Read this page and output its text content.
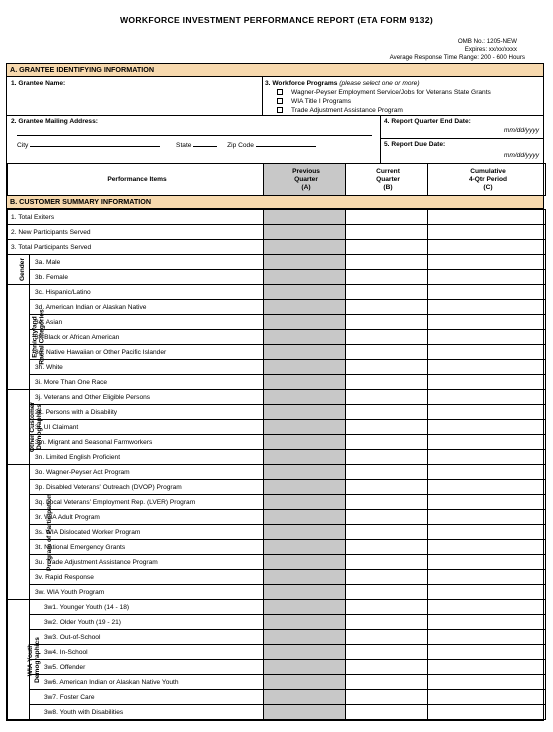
WORKFORCE INVESTMENT PERFORMANCE REPORT (ETA FORM 9132)
OMB No.: 1205-NEW
Expires: xx/xx/xxxx
Average Response Time Range: 200 - 600 Hours
A. GRANTEE IDENTIFYING INFORMATION
1. Grantee Name:	3. Workforce Programs (please select one or more)
Wagner-Peyser Employment Service/Jobs for Veterans State Grants
WIA Title I Programs
Trade Adjustment Assistance Program
2. Grantee Mailing Address:
City	State	Zip Code
4. Report Quarter End Date:
mm/dd/yyyy
5. Report Due Date:
mm/dd/yyyy
Performance Items	
Previous
Quarter
(A)

Current
Quarter
(B)

Cumulative
4-Qtr Period
(C)
B. CUSTOMER SUMMARY INFORMATION
1. Total Exiters				
2. New Participants Served				
3. Total Participants Served				

Gender	3a. Male			
	3b. Female			

Ethnicity/and Racial Categories	3c. Hispanic/Latino			
	3d. American Indian or Alaskan Native			
	3e. Asian			
	3f. Black or African American			
	3g. Native Hawaiian or Other Pacific Islander			
	3h. White			
	3i. More Than One Race			

Other Customer Demographics	3j. Veterans and Other Eligible Persons			
	3k. Persons with a Disability			
	3l. UI Claimant			
	3m. Migrant and Seasonal Farmworkers			
	3n. Limited English Proficient			

Program of Participation	3o. Wagner-Peyser Act Program			
	3p. Disabled Veterans' Outreach (DVOP) Program			
	3q. Local Veterans' Employment Rep. (LVER) Program			
	3r. WIA Adult Program			
	3s. WIA Dislocated Worker Program			
	3t. National Emergency Grants			
	3u. Trade Adjustment Assistance Program			
	3v. Rapid Response			
	3w. WIA Youth Program			

WIA Youth Demographics	3w1. Younger Youth (14 - 18)			
	3w2. Older Youth (19 - 21)			
	3w3. Out-of-School			
	3w4. In-School			
	3w5. Offender			
	3w6. American Indian or Alaskan Native Youth			
	3w7. Foster Care			
	3w8. Youth with Disabilities			
